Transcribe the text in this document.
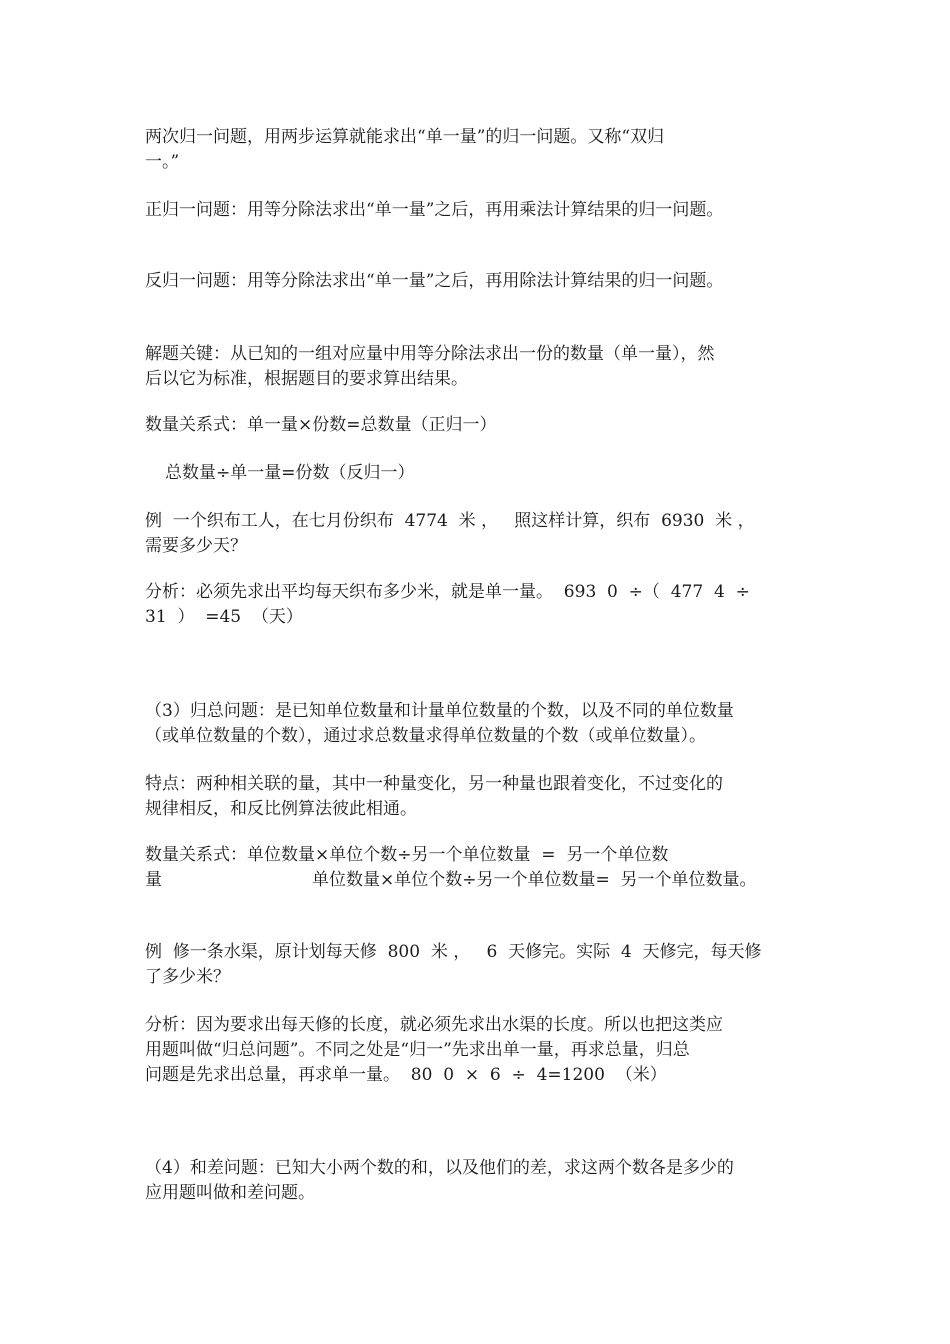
两次归一问题，用两步运算就能求出“单一量”的归一问题。又称“双归
一。”
正归一问题：用等分除法求出“单一量”之后，再用乘法计算结果的归一问题。
反归一问题：用等分除法求出“单一量”之后，再用除法计算结果的归一问题。
解题关键：从已知的一组对应量中用等分除法求出一份的数量（单一量），然
后以它为标准，根据题目的要求算出结果。
数量关系式：单一量×份数=总数量（正归一）
总数量÷单一量=份数（反归一）
例  一个织布工人，在七月份织布  4774  米 ，   照这样计算，织布  6930  米 ，
需要多少天？
分析：必须先求出平均每天织布多少米，就是单一量。  693  0  ÷（  477  4  ÷
31  ）  =45  （天）
（3）归总问题：是已知单位数量和计量单位数量的个数，以及不同的单位数量
（或单位数量的个数），通过求总数量求得单位数量的个数（或单位数量）。
特点：两种相关联的量，其中一种量变化，另一种量也跟着变化，不过变化的
规律相反，和反比例算法彼此相通。
数量关系式：单位数量×单位个数÷另一个单位数量  =  另一个单位数
量	单位数量×单位个数÷另一个单位数量=  另一个单位数量。
例  修一条水渠，原计划每天修  800  米 ，   6  天修完。实际  4  天修完，每天修
了多少米？
分析：因为要求出每天修的长度，就必须先求出水渠的长度。所以也把这类应
用题叫做“归总问题”。不同之处是“归一”先求出单一量，再求总量，归总
问题是先求出总量，再求单一量。  80  0  ×  6  ÷  4=1200  （米）
（4）和差问题：已知大小两个数的和，以及他们的差，求这两个数各是多少的
应用题叫做和差问题。
